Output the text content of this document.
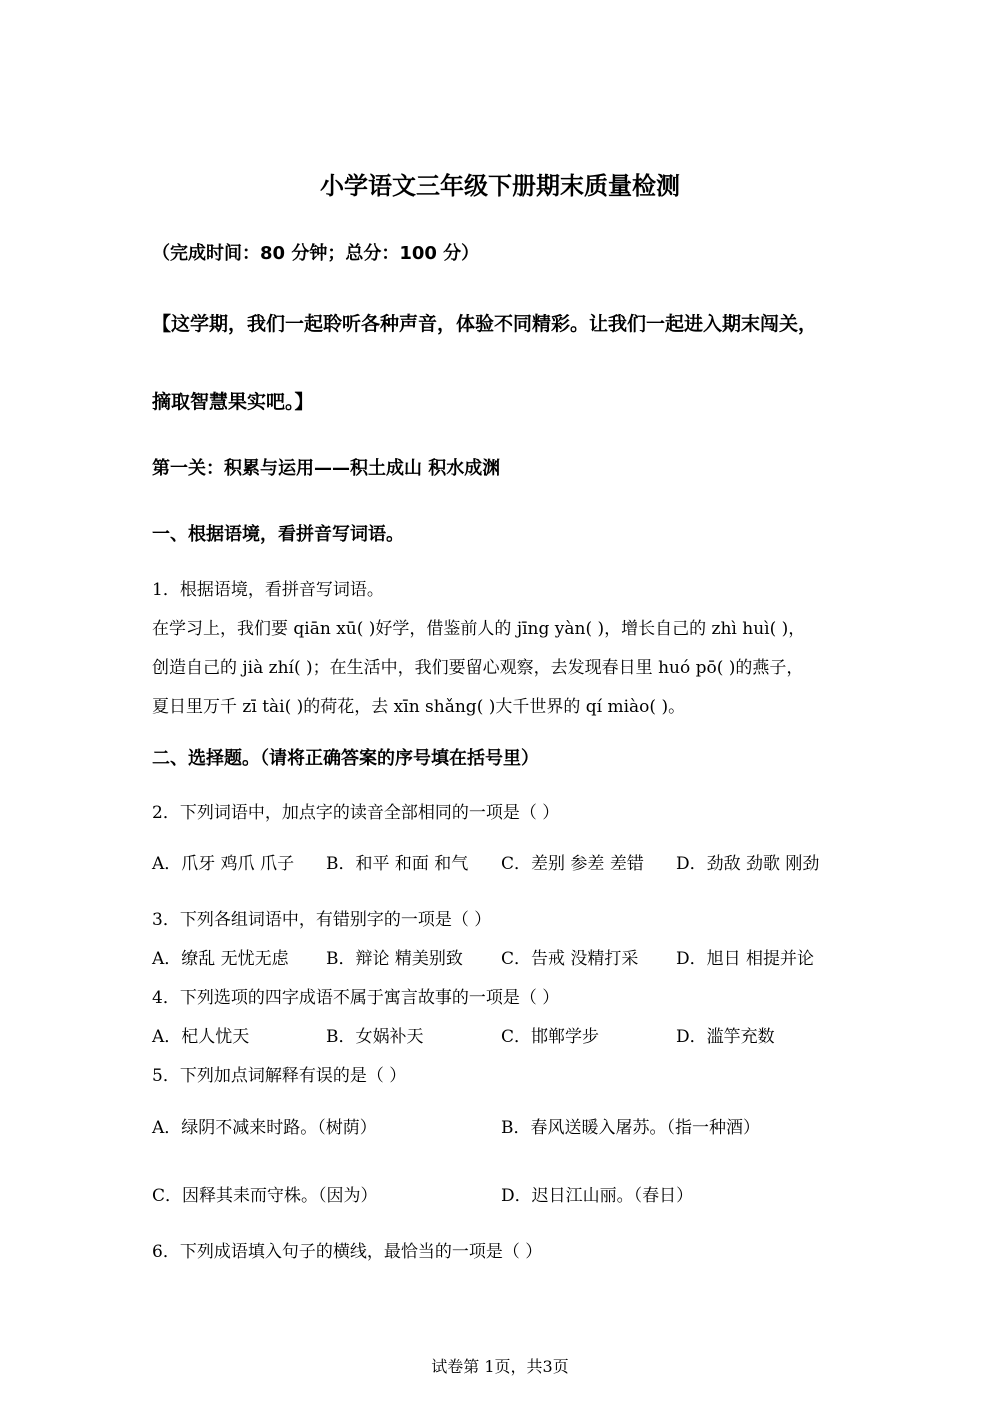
小学语文三年级下册期末质量检测
（完成时间：80 分钟；总分：100 分）
【这学期，我们一起聆听各种声音，体验不同精彩。让我们一起进入期末闯关，
摘取智慧果实吧。】
第一关：积累与运用——积土成山 积水成渊
一、根据语境，看拼音写词语。
1．根据语境，看拼音写词语。
在学习上，我们要 qiān xū( )好学，借鉴前人的 jīng yàn( )，增长自己的 zhì huì( )，
创造自己的 jià zhí( )；在生活中，我们要留心观察，去发现春日里 huó pō( )的燕子，
夏日里万千 zī tài( )的荷花，去 xīn shǎng( )大千世界的 qí miào( )。
二、选择题。（请将正确答案的序号填在括号里）
2．下列词语中，加点字的读音全部相同的一项是（ ）
A．爪牙 鸡爪 爪子 B．和平 和面 和气 C．差别 参差 差错 D．劲敌 劲歌 刚劲
3．下列各组词语中，有错别字的一项是（ ）
A．缭乱 无忧无虑 B．辩论 精美别致 C．告戒 没精打采 D．旭日 相提并论
4．下列选项的四字成语不属于寓言故事的一项是（ ）
A．杞人忧天	B．女娲补天	C．邯郸学步	D．滥竽充数
5．下列加点词解释有误的是（ ）
A．绿阴不减来时路。（树荫）	B．春风送暖入屠苏。（指一种酒）
C．因释其耒而守株。（因为）	D．迟日江山丽。（春日）
6．下列成语填入句子的横线，最恰当的一项是（ ）
试卷第 1页，共3页
